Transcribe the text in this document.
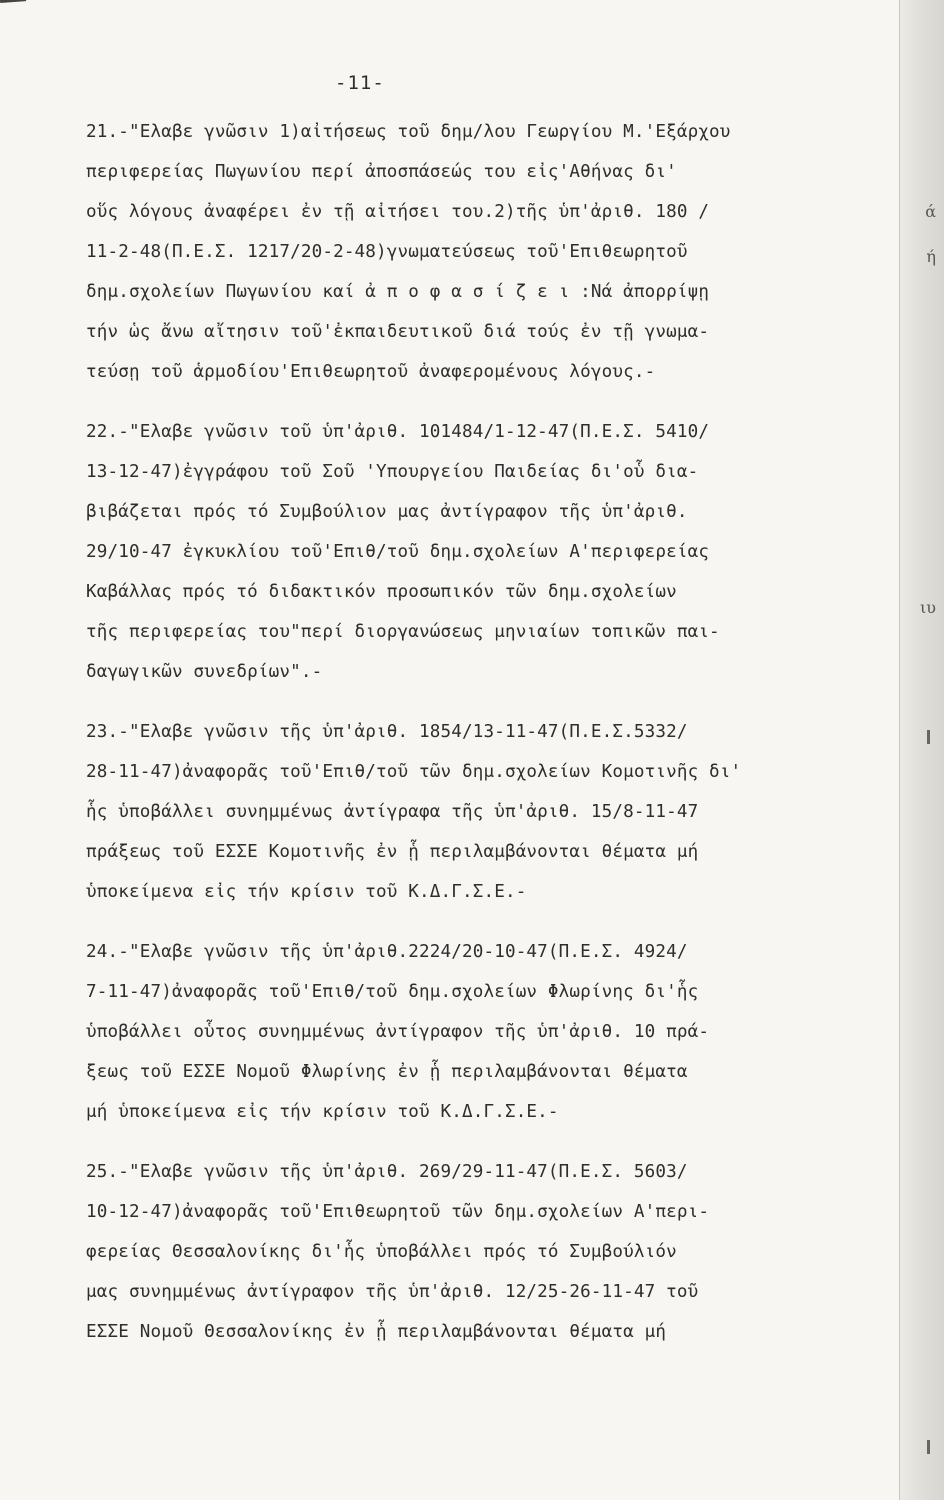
-11-
21.-"Ελαβε γνῶσιν 1)αἰτήσεως τοῦ δημ/λου Γεωργίου Μ.'Εξάρχου
περιφερείας Πωγωνίου περί ἀποσπάσεώς του εἰς'Αθήνας δι'
οὕς λόγους ἀναφέρει ἐν τῇ αἰτήσει του.2)τῆς ὑπ'ἀριθ. 180 /
11-2-48(Π.Ε.Σ. 1217/20-2-48)γνωματεύσεως τοῦ'Επιθεωρητοῦ
δημ.σχολείων Πωγωνίου καί ἀ π ο φ α σ ί ζ ε ι :Νά ἀπορρίψῃ
τήν ὡς ἄνω αἴτησιν τοῦ'ἐκπαιδευτικοῦ διά τούς ἐν τῇ γνωμα-
τεύσῃ τοῦ ἁρμοδίου'Επιθεωρητοῦ ἀναφερομένους λόγους.-
22.-"Ελαβε γνῶσιν τοῦ ὑπ'ἀριθ. 101484/1-12-47(Π.Ε.Σ. 5410/
13-12-47)ἐγγράφου τοῦ Σοῦ 'Υπουργείου Παιδείας δι'οὗ δια-
βιβάζεται πρός τό Συμβούλιον μας ἀντίγραφον τῆς ὑπ'ἀριθ.
29/10-47 ἐγκυκλίου τοῦ'Επιθ/τοῦ δημ.σχολείων Α'περιφερείας
Καβάλλας πρός τό διδακτικόν προσωπικόν τῶν δημ.σχολείων
τῆς περιφερείας του"περί διοργανώσεως μηνιαίων τοπικῶν παι-
δαγωγικῶν συνεδρίων".-
23.-"Ελαβε γνῶσιν τῆς ὑπ'ἀριθ. 1854/13-11-47(Π.Ε.Σ.5332/
28-11-47)ἀναφορᾶς τοῦ'Επιθ/τοῦ τῶν δημ.σχολείων Κομοτινῆς δι'
ἧς ὑποβάλλει συνημμένως ἀντίγραφα τῆς ὑπ'ἀριθ. 15/8-11-47
πράξεως τοῦ ΕΣΣΕ Κομοτινῆς ἐν ᾗ περιλαμβάνονται θέματα μή
ὑποκείμενα εἰς τήν κρίσιν τοῦ Κ.Δ.Γ.Σ.Ε.-
24.-"Ελαβε γνῶσιν τῆς ὑπ'ἀριθ.2224/20-10-47(Π.Ε.Σ. 4924/
7-11-47)ἀναφορᾶς τοῦ'Επιθ/τοῦ δημ.σχολείων Φλωρίνης δι'ἧς
ὑποβάλλει οὗτος συνημμένως ἀντίγραφον τῆς ὑπ'ἀριθ. 10 πρά-
ξεως τοῦ ΕΣΣΕ Νομοῦ Φλωρίνης ἐν ᾗ περιλαμβάνονται θέματα
μή ὑποκείμενα εἰς τήν κρίσιν τοῦ Κ.Δ.Γ.Σ.Ε.-
25.-"Ελαβε γνῶσιν τῆς ὑπ'ἀριθ. 269/29-11-47(Π.Ε.Σ. 5603/
10-12-47)ἀναφορᾶς τοῦ'Επιθεωρητοῦ τῶν δημ.σχολείων Α'περι-
φερείας Θεσσαλονίκης δι'ἧς ὑποβάλλει πρός τό Συμβούλιόν
μας συνημμένως ἀντίγραφον τῆς ὑπ'ἀριθ. 12/25-26-11-47 τοῦ
ΕΣΣΕ Νομοῦ Θεσσαλονίκης ἐν ᾗ περιλαμβάνονται θέματα μή
ά
ή
ιυ
